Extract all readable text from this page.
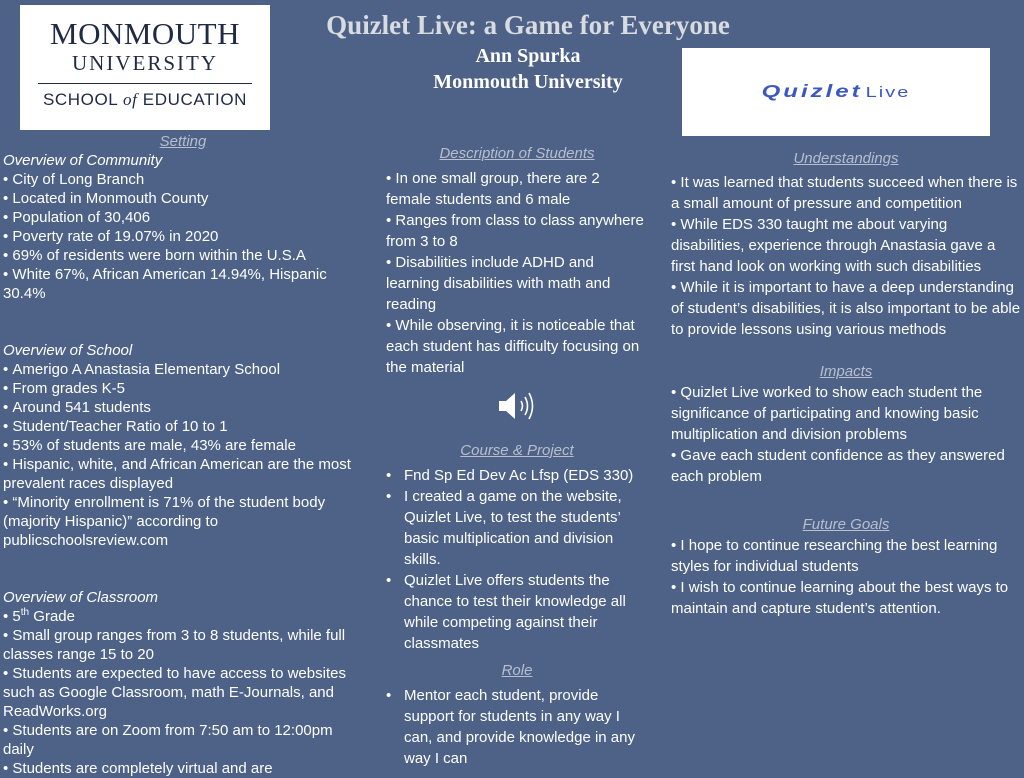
MONMOUTH
UNIVERSITY
SCHOOL of EDUCATION
Quizlet Live: a Game for Everyone
Ann Spurka
Monmouth University	Quizlet Live
Setting
Overview of Community
• City of Long Branch
• Located in Monmouth County
• Population of 30,406
• Poverty rate of 19.07% in 2020
• 69% of residents were born within the U.S.A
• White 67%, African American 14.94%, Hispanic 30.4%
Overview of School
• Amerigo A Anastasia Elementary School
• From grades K-5
• Around 541 students
• Student/Teacher Ratio of 10 to 1
• 53% of students are male, 43% are female
• Hispanic, white, and African American are the most prevalent races displayed
• “Minority enrollment is 71% of the student body (majority Hispanic)” according to publicschoolsreview.com
Overview of Classroom
• 5th Grade
• Small group ranges from 3 to 8 students, while full classes range 15 to 20
• Students are expected to have access to websites such as Google Classroom, math E-Journals, and ReadWorks.org
• Students are on Zoom from 7:50 am to 12:00pm daily
• Students are completely virtual and are
Description of Students
• In one small group, there are 2 female students and 6 male
• Ranges from class to class anywhere from 3 to 8
• Disabilities include ADHD and learning disabilities with math and reading
• While observing, it is noticeable that each student has difficulty focusing on the material
Course & Project
• Fnd Sp Ed Dev Ac Lfsp (EDS 330)
• I created a game on the website, Quizlet Live, to test the students’ basic multiplication and division skills.
• Quizlet Live offers students the chance to test their knowledge all while competing against their classmates
Role
• Mentor each student, provide support for students in any way I can, and provide knowledge in any way I can
Understandings
• It was learned that students succeed when there is a small amount of pressure and competition
• While EDS 330 taught me about varying disabilities, experience through Anastasia gave a first hand look on working with such disabilities
• While it is important to have a deep understanding of student’s disabilities, it is also important to be able to provide lessons using various methods
Impacts
• Quizlet Live worked to show each student the significance of participating and knowing basic multiplication and division problems
• Gave each student confidence as they answered each problem
Future Goals
• I hope to continue researching the best learning styles for individual students
• I wish to continue learning about the best ways to maintain and capture student’s attention.
